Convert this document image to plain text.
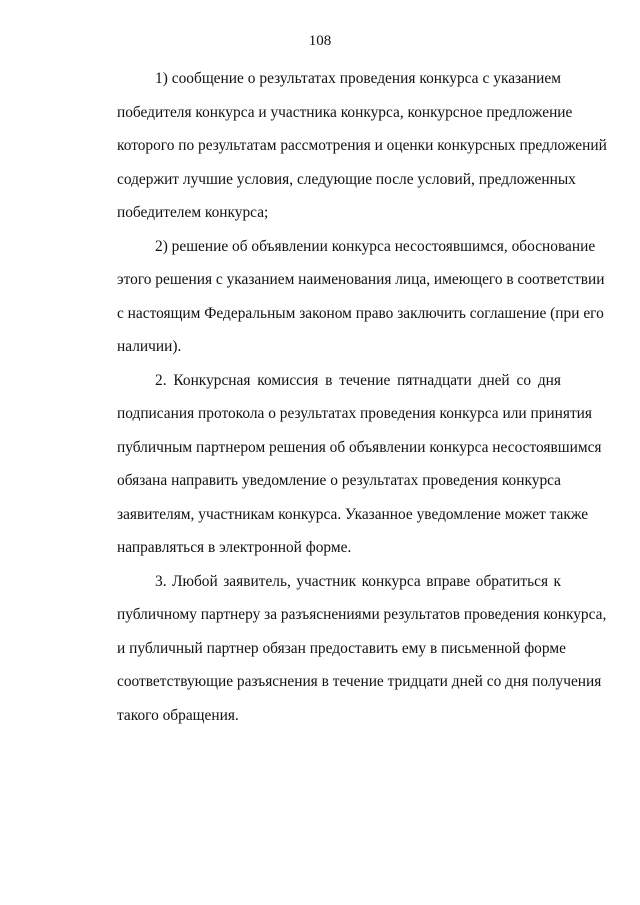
108
1) сообщение о результатах проведения конкурса с указанием
победителя конкурса и участника конкурса, конкурсное предложение
которого по результатам рассмотрения и оценки конкурсных предложений
содержит лучшие условия, следующие после условий, предложенных
победителем конкурса;
2) решение об объявлении конкурса несостоявшимся, обоснование
этого решения с указанием наименования лица, имеющего в соответствии
с настоящим Федеральным законом право заключить соглашение (при его
наличии).
2. Конкурсная комиссия в течение пятнадцати дней со дня
подписания протокола о результатах проведения конкурса или принятия
публичным партнером решения об объявлении конкурса несостоявшимся
обязана направить уведомление о результатах проведения конкурса
заявителям, участникам конкурса. Указанное уведомление может также
направляться в электронной форме.
3. Любой заявитель, участник конкурса вправе обратиться к
публичному партнеру за разъяснениями результатов проведения конкурса,
и публичный партнер обязан предоставить ему в письменной форме
соответствующие разъяснения в течение тридцати дней со дня получения
такого обращения.
